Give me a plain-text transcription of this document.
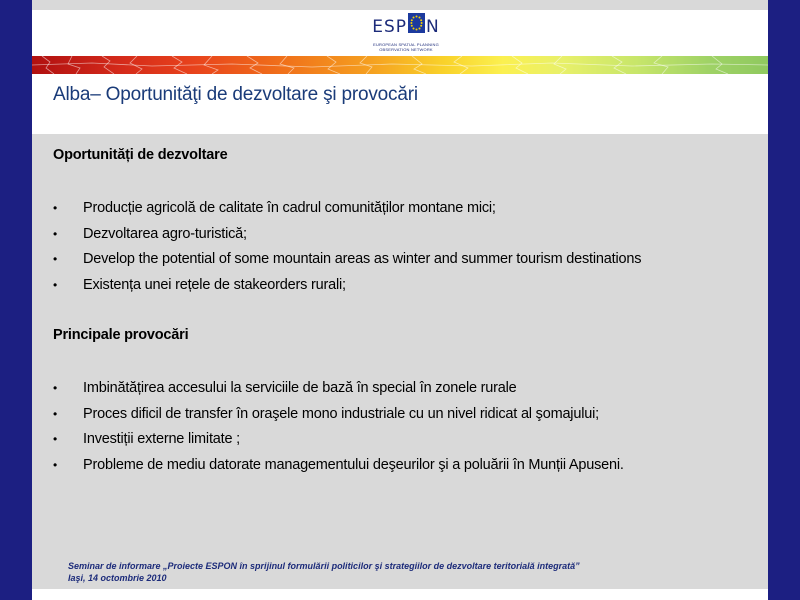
ESP N
EUROPEAN SPATIAL PLANNING OBSERVATION NETWORK
Alba– Oportunităţi de dezvoltare şi provocări
Oportunități de dezvoltare
• Producție agricolă de calitate în cadrul comunităților montane mici;
• Dezvoltarea agro-turistică;
• Develop the potential of some mountain areas as winter and summer tourism destinations
• Existența unei rețele de stakeorders rurali;
Principale provocări
• Imbinătățirea accesului la serviciile de bază în special în zonele rurale
• Proces dificil de transfer în oraşele mono industriale cu un nivel ridicat al şomajului;
• Investiții externe limitate ;
• Probleme de mediu datorate managementului deşeurilor şi a poluării în Munții Apuseni.
Seminar de informare „Proiecte ESPON în sprijinul formulării politicilor şi strategiilor de dezvoltare teritorială integrată”
Iaşi, 14 octombrie 2010
